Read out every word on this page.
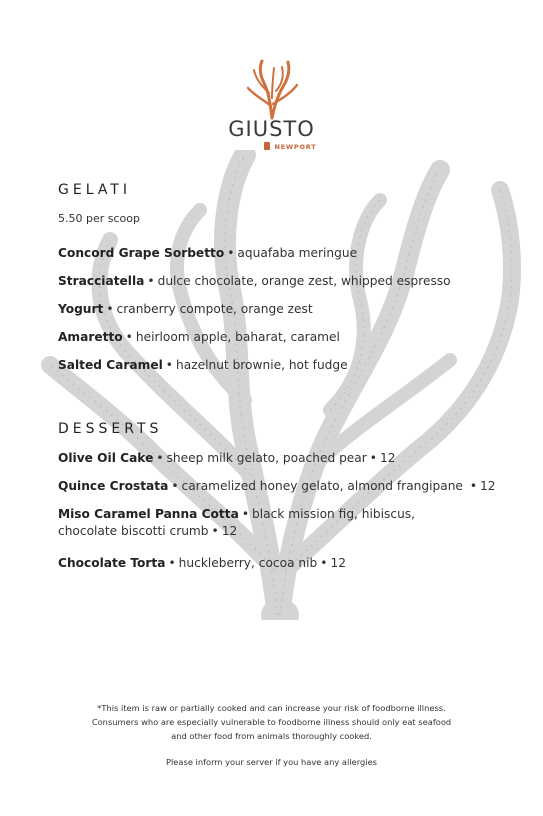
GIUSTO
NEWPORT
GELATI
5.50 per scoop
Concord Grape Sorbetto • aquafaba meringue
Stracciatella • dulce chocolate, orange zest, whipped espresso
Yogurt • cranberry compote, orange zest
Amaretto • heirloom apple, baharat, caramel
Salted Caramel • hazelnut brownie, hot fudge
DESSERTS
Olive Oil Cake • sheep milk gelato, poached pear • 12
Quince Crostata • caramelized honey gelato, almond frangipane • 12
Miso Caramel Panna Cotta • black mission fig, hibiscus,
chocolate biscotti crumb • 12
Chocolate Torta • huckleberry, cocoa nib • 12
*This item is raw or partially cooked and can increase your risk of foodborne illness.
Consumers who are especially vulnerable to foodborne illness should only eat seafood
and other food from animals thoroughly cooked.
Please inform your server if you have any allergies
